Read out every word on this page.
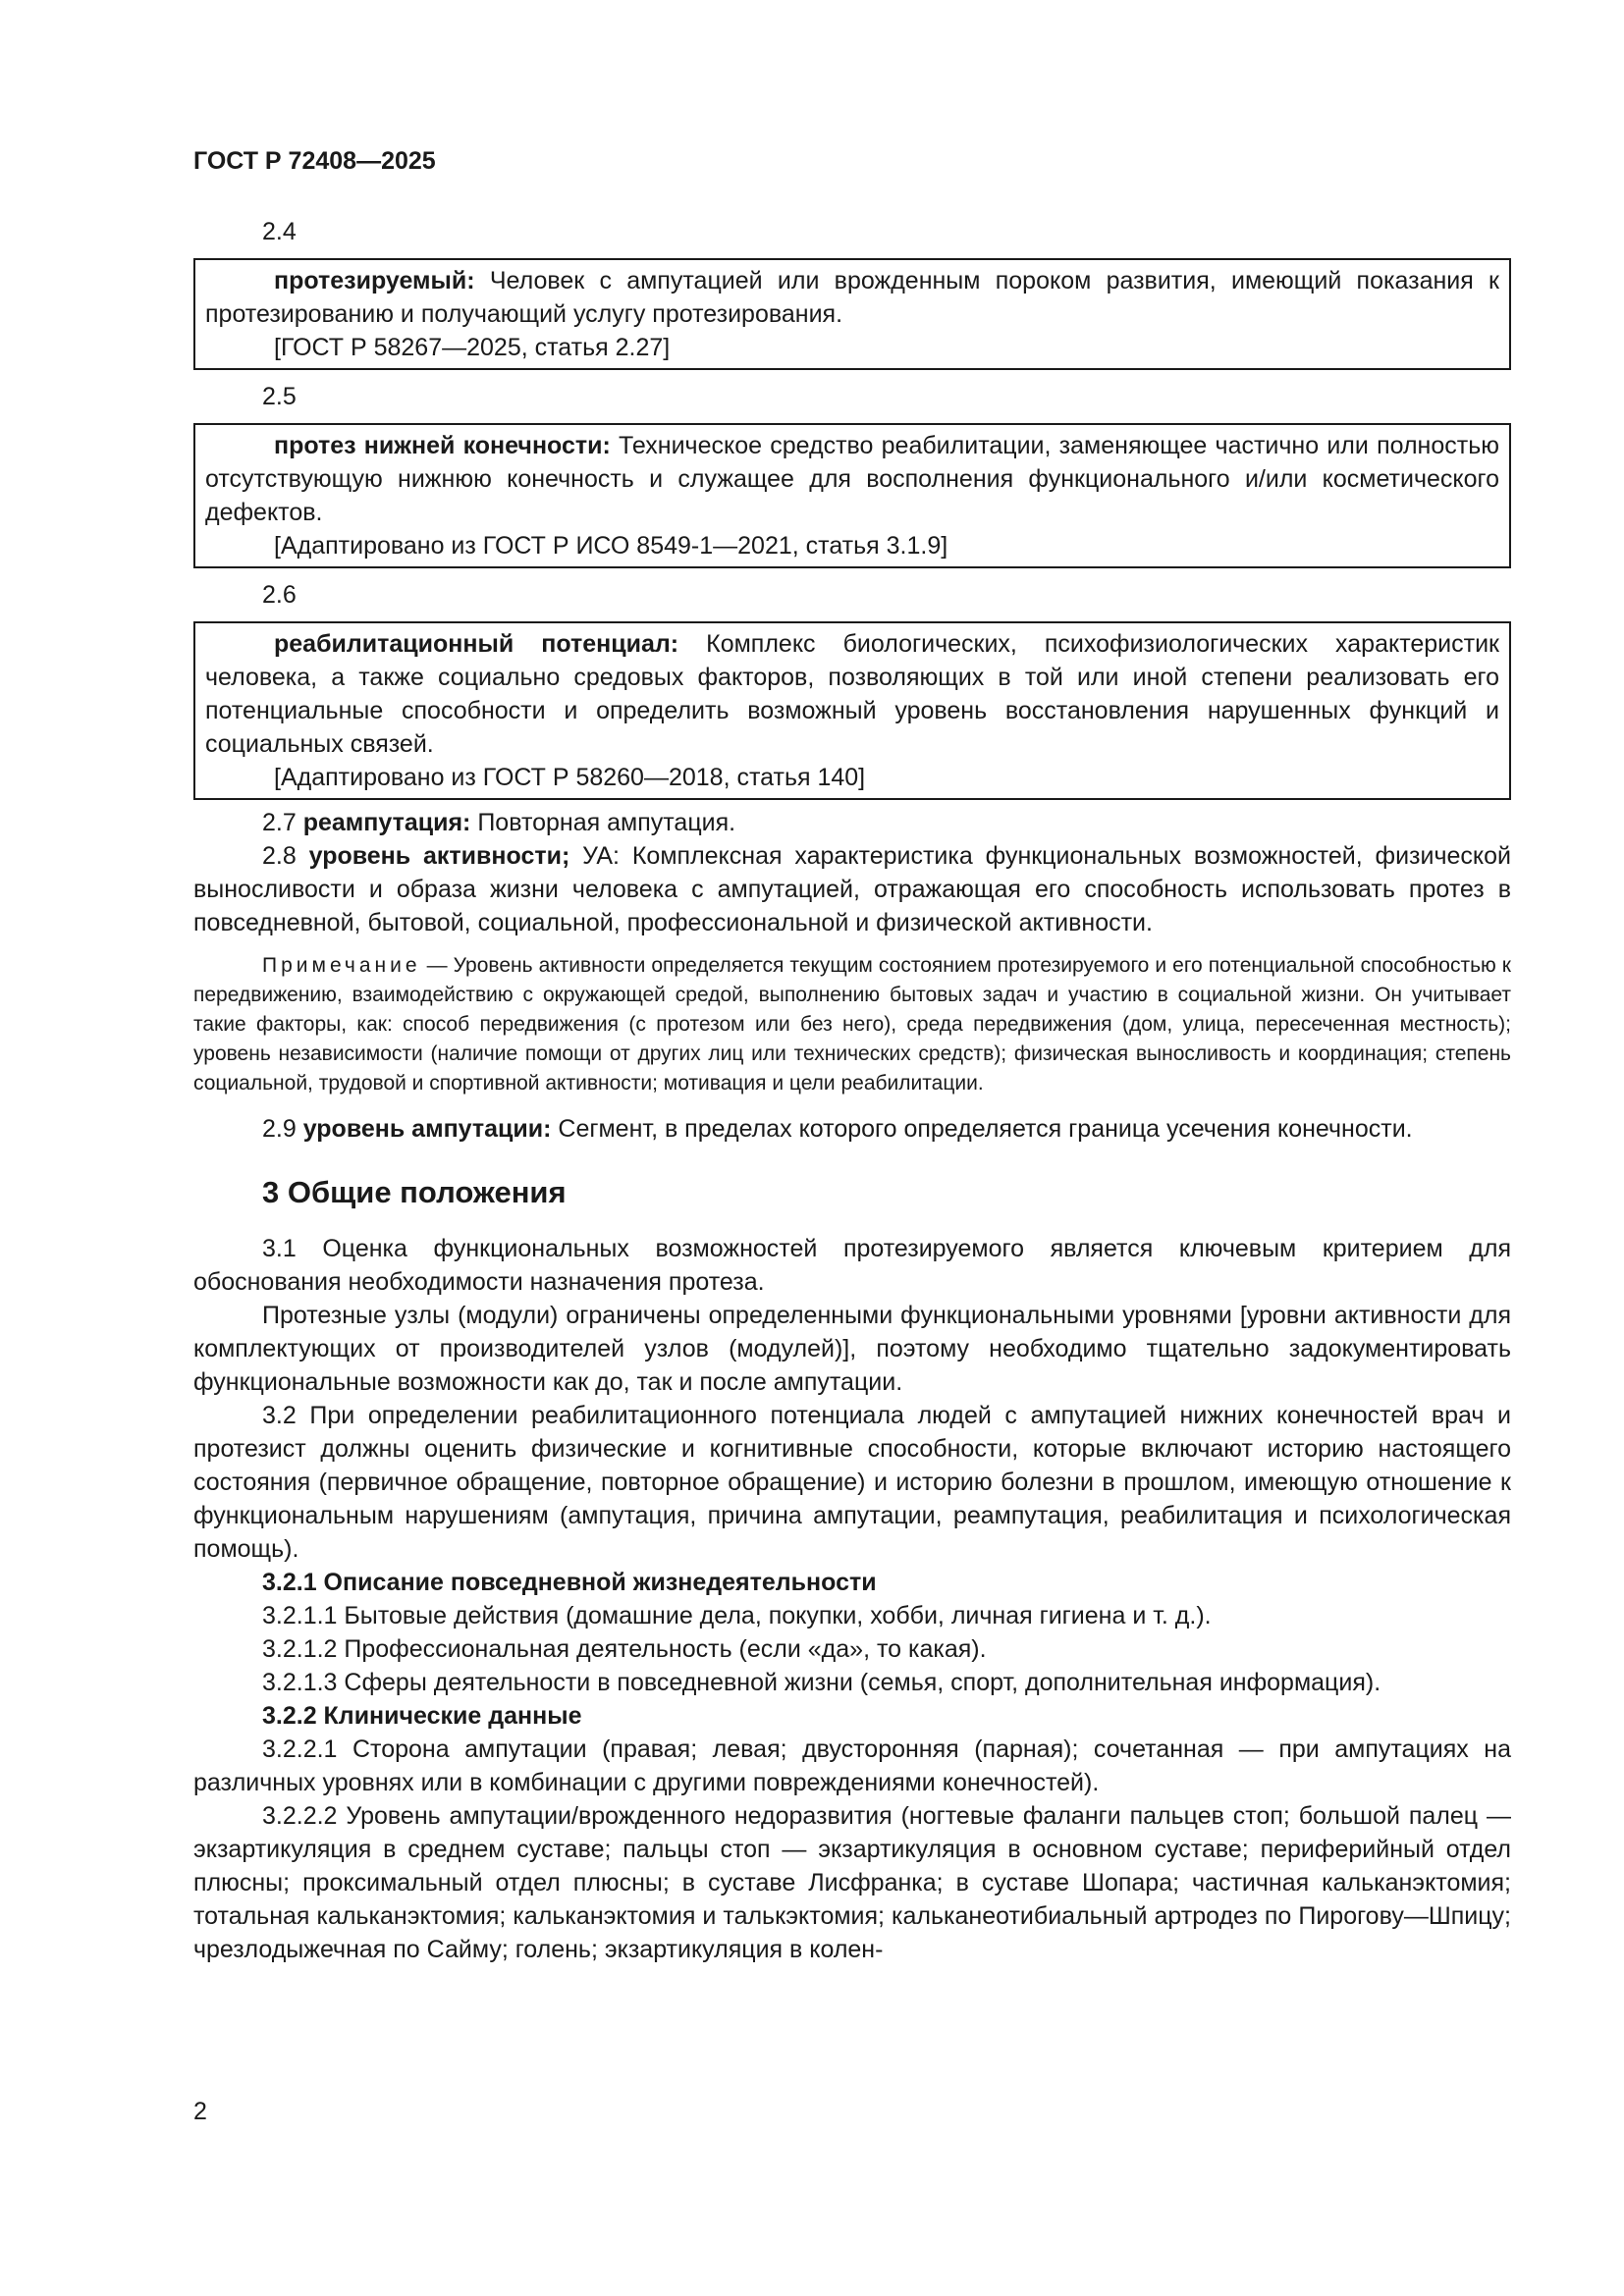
ГОСТ Р 72408—2025

2.4

протезируемый: Человек с ампутацией или врожденным пороком развития, имеющий показания к протезированию и получающий услугу протезирования.

[ГОСТ Р 58267—2025, статья 2.27]

2.5

протез нижней конечности: Техническое средство реабилитации, заменяющее частично или полностью отсутствующую нижнюю конечность и служащее для восполнения функционального и/или косметического дефектов.

[Адаптировано из ГОСТ Р ИСО 8549-1—2021, статья 3.1.9]

2.6

реабилитационный потенциал: Комплекс биологических, психофизиологических характеристик человека, а также социально средовых факторов, позволяющих в той или иной степени реализовать его потенциальные способности и определить возможный уровень восстановления нарушенных функций и социальных связей.

[Адаптировано из ГОСТ Р 58260—2018, статья 140]

2.7 реампутация: Повторная ампутация.

2.8 уровень активности; УА: Комплексная характеристика функциональных возможностей, физической выносливости и образа жизни человека с ампутацией, отражающая его способность использовать протез в повседневной, бытовой, социальной, профессиональной и физической активности.

Примечание — Уровень активности определяется текущим состоянием протезируемого и его потенциальной способностью к передвижению, взаимодействию с окружающей средой, выполнению бытовых задач и участию в социальной жизни. Он учитывает такие факторы, как: способ передвижения (с протезом или без него), среда передвижения (дом, улица, пересеченная местность); уровень независимости (наличие помощи от других лиц или технических средств); физическая выносливость и координация; степень социальной, трудовой и спортивной активности; мотивация и цели реабилитации.

2.9 уровень ампутации: Сегмент, в пределах которого определяется граница усечения конечности.

3 Общие положения

3.1 Оценка функциональных возможностей протезируемого является ключевым критерием для обоснования необходимости назначения протеза.

Протезные узлы (модули) ограничены определенными функциональными уровнями [уровни активности для комплектующих от производителей узлов (модулей)], поэтому необходимо тщательно задокументировать функциональные возможности как до, так и после ампутации.

3.2 При определении реабилитационного потенциала людей с ампутацией нижних конечностей врач и протезист должны оценить физические и когнитивные способности, которые включают историю настоящего состояния (первичное обращение, повторное обращение) и историю болезни в прошлом, имеющую отношение к функциональным нарушениям (ампутация, причина ампутации, реампутация, реабилитация и психологическая помощь).

3.2.1 Описание повседневной жизнедеятельности

3.2.1.1 Бытовые действия (домашние дела, покупки, хобби, личная гигиена и т. д.).

3.2.1.2 Профессиональная деятельность (если «да», то какая).

3.2.1.3 Сферы деятельности в повседневной жизни (семья, спорт, дополнительная информация).

3.2.2 Клинические данные

3.2.2.1 Сторона ампутации (правая; левая; двусторонняя (парная); сочетанная — при ампутациях на различных уровнях или в комбинации с другими повреждениями конечностей).

3.2.2.2 Уровень ампутации/врожденного недоразвития (ногтевые фаланги пальцев стоп; большой палец — экзартикуляция в среднем суставе; пальцы стоп — экзартикуляция в основном суставе; периферийный отдел плюсны; проксимальный отдел плюсны; в суставе Лисфранка; в суставе Шопара; частичная кальканэктомия; тотальная кальканэктомия; кальканэктомия и талькэктомия; кальканеотибиальный артродез по Пирогову—Шпицу; чрезлодыжечная по Сайму; голень; экзартикуляция в колен-

2
